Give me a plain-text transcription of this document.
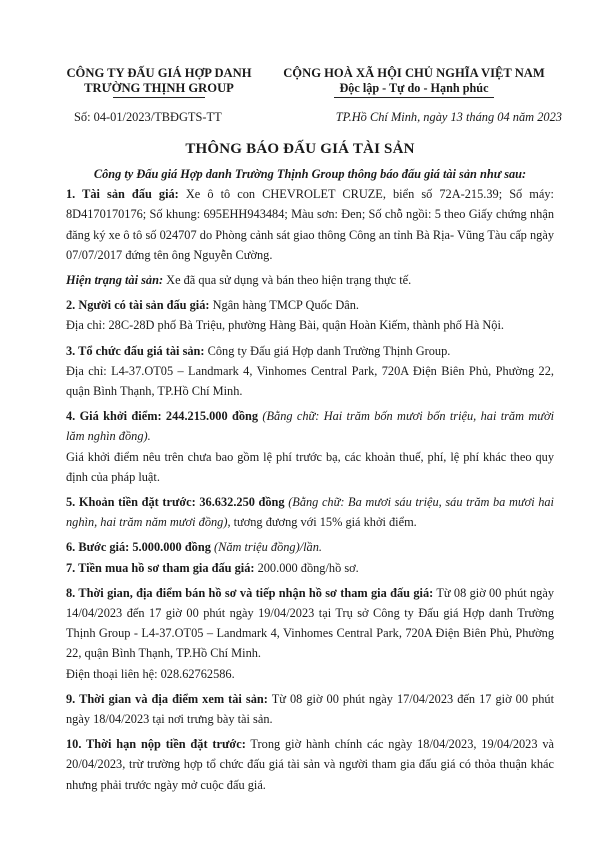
CÔNG TY ĐẤU GIÁ HỢP DANH
TRƯỜNG THỊNH GROUP
CỘNG HOÀ XÃ HỘI CHỦ NGHĨA VIỆT NAM
Độc lập - Tự do - Hạnh phúc
Số: 04-01/2023/TBĐGTS-TT	TP.Hồ Chí Minh, ngày 13 tháng 04 năm 2023
THÔNG BÁO ĐẤU GIÁ TÀI SẢN

Công ty Đấu giá Hợp danh Trường Thịnh Group thông báo đấu giá tài sản như sau:

1. Tài sản đấu giá: Xe ô tô con CHEVROLET CRUZE, biển số 72A-215.39; Số máy: 8D4170170176; Số khung: 695EHH943484; Màu sơn: Đen; Số chỗ ngồi: 5 theo Giấy chứng nhận đăng ký xe ô tô số 024707 do Phòng cảnh sát giao thông Công an tỉnh Bà Rịa- Vũng Tàu cấp ngày 07/07/2017 đứng tên ông Nguyễn Cường.

Hiện trạng tài sản: Xe đã qua sử dụng và bán theo hiện trạng thực tế.

2. Người có tài sản đấu giá: Ngân hàng TMCP Quốc Dân.

Địa chỉ: 28C-28D phố Bà Triệu, phường Hàng Bài, quận Hoàn Kiếm, thành phố Hà Nội.

3. Tổ chức đấu giá tài sản: Công ty Đấu giá Hợp danh Trường Thịnh Group.

Địa chỉ: L4-37.OT05 – Landmark 4, Vinhomes Central Park, 720A Điện Biên Phủ, Phường 22, quận Bình Thạnh, TP.Hồ Chí Minh.

4. Giá khởi điểm: 244.215.000 đồng (Bằng chữ: Hai trăm bốn mươi bốn triệu, hai trăm mười lăm nghìn đồng).

Giá khởi điểm nêu trên chưa bao gồm lệ phí trước bạ, các khoản thuế, phí, lệ phí khác theo quy định của pháp luật.

5. Khoản tiền đặt trước: 36.632.250 đồng (Bằng chữ: Ba mươi sáu triệu, sáu trăm ba mươi hai nghìn, hai trăm năm mươi đồng), tương đương với 15% giá khởi điểm.

6. Bước giá: 5.000.000 đồng (Năm triệu đồng)/lần.

7. Tiền mua hồ sơ tham gia đấu giá: 200.000 đồng/hồ sơ.

8. Thời gian, địa điểm bán hồ sơ và tiếp nhận hồ sơ tham gia đấu giá: Từ 08 giờ 00 phút ngày 14/04/2023 đến 17 giờ 00 phút ngày 19/04/2023 tại Trụ sở Công ty Đấu giá Hợp danh Trường Thịnh Group - L4-37.OT05 – Landmark 4, Vinhomes Central Park, 720A Điện Biên Phủ, Phường 22, quận Bình Thạnh, TP.Hồ Chí Minh.

Điện thoại liên hệ: 028.62762586.

9. Thời gian và địa điểm xem tài sản: Từ 08 giờ 00 phút ngày 17/04/2023 đến 17 giờ 00 phút ngày 18/04/2023 tại nơi trưng bày tài sản.

10. Thời hạn nộp tiền đặt trước: Trong giờ hành chính các ngày 18/04/2023, 19/04/2023 và 20/04/2023, trừ trường hợp tổ chức đấu giá tài sản và người tham gia đấu giá có thỏa thuận khác nhưng phải trước ngày mở cuộc đấu giá.
